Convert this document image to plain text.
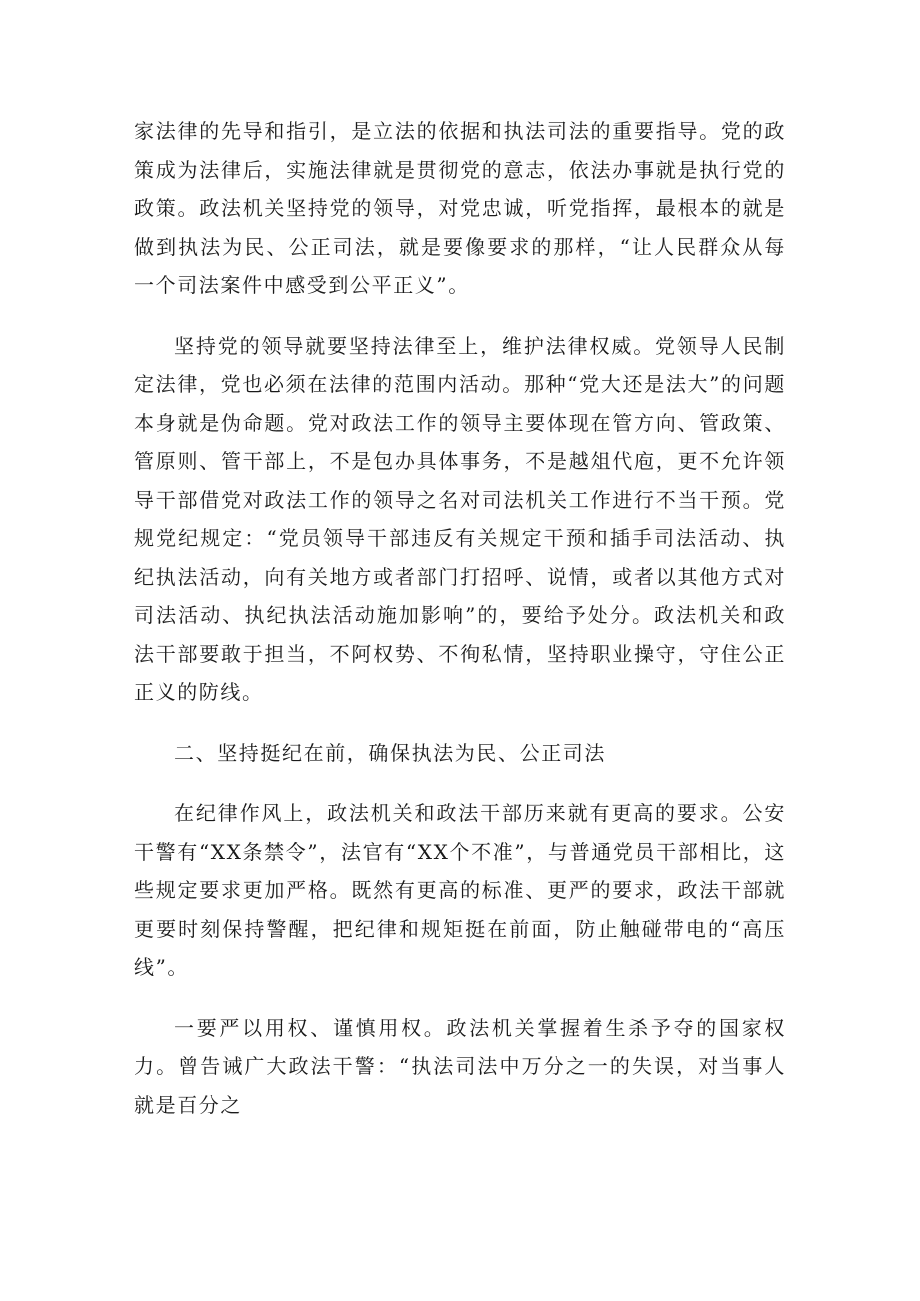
家法律的先导和指引，是立法的依据和执法司法的重要指导。党的政策成为法律后，实施法律就是贯彻党的意志，依法办事就是执行党的政策。政法机关坚持党的领导，对党忠诚，听党指挥，最根本的就是做到执法为民、公正司法，就是要像要求的那样，“让人民群众从每一个司法案件中感受到公平正义”。

坚持党的领导就要坚持法律至上，维护法律权威。党领导人民制定法律，党也必须在法律的范围内活动。那种“党大还是法大”的问题本身就是伪命题。党对政法工作的领导主要体现在管方向、管政策、管原则、管干部上，不是包办具体事务，不是越俎代庖，更不允许领导干部借党对政法工作的领导之名对司法机关工作进行不当干预。党规党纪规定：“党员领导干部违反有关规定干预和插手司法活动、执纪执法活动，向有关地方或者部门打招呼、说情，或者以其他方式对司法活动、执纪执法活动施加影响”的，要给予处分。政法机关和政法干部要敢于担当，不阿权势、不徇私情，坚持职业操守，守住公正正义的防线。

二、坚持挺纪在前，确保执法为民、公正司法

在纪律作风上，政法机关和政法干部历来就有更高的要求。公安干警有“XX条禁令”，法官有“XX个不准”，与普通党员干部相比，这些规定要求更加严格。既然有更高的标准、更严的要求，政法干部就更要时刻保持警醒，把纪律和规矩挺在前面，防止触碰带电的“高压线”。

一要严以用权、谨慎用权。政法机关掌握着生杀予夺的国家权力。曾告诫广大政法干警：“执法司法中万分之一的失误，对当事人就是百分之
